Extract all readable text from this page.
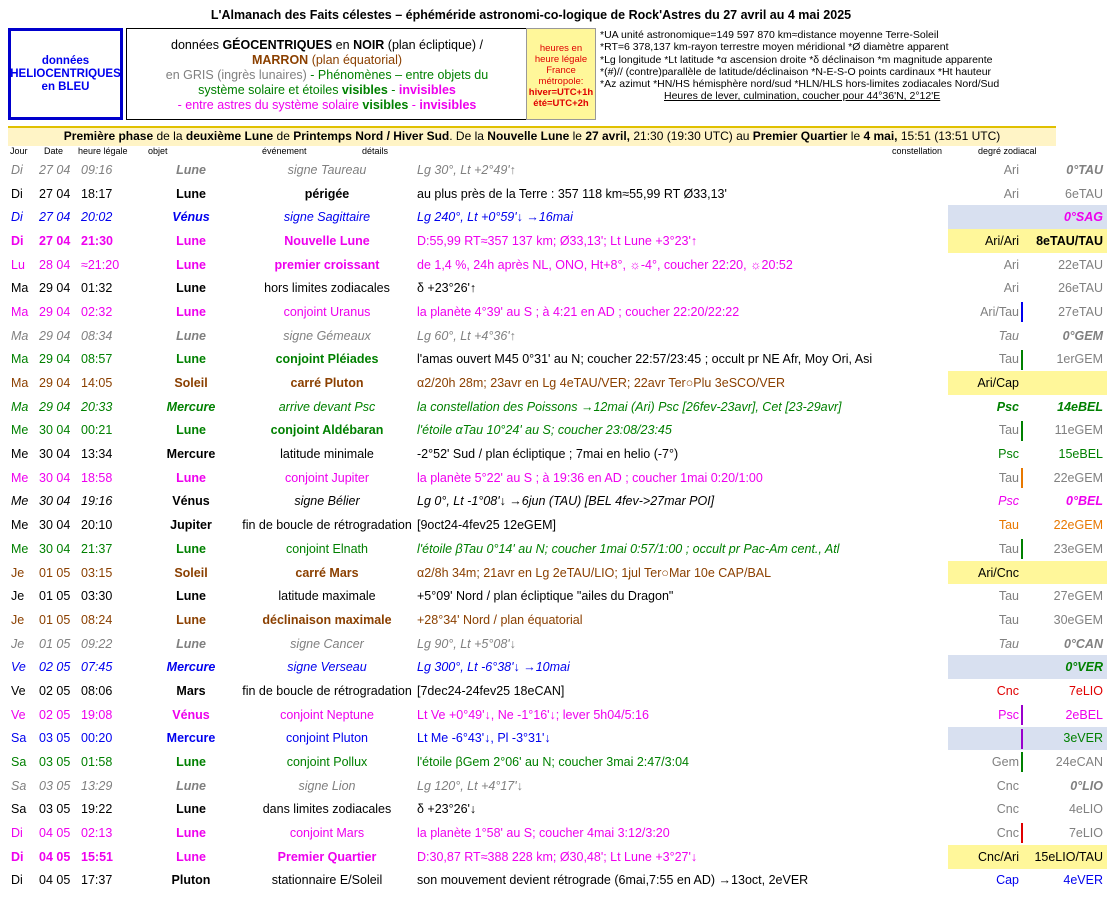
L'Almanach des Faits célestes – éphéméride astronomi-co-logique de Rock'Astres du 27 avril au 4 mai 2025
données
HELIOCENTRIQUES
en BLEU
données GÉOCENTRIQUES en NOIR (plan écliptique) /
MARRON (plan équatorial)
en GRIS (ingrès lunaires) - Phénomènes – entre objets du
système solaire et étoiles visibles - invisibles
- entre astres du système solaire visibles - invisibles
heures en
heure légale
France
métropole:
hiver=UTC+1h
été=UTC+2h
*UA unité astronomique=149 597 870 km≈distance moyenne Terre-Soleil
*RT=6 378,137 km-rayon terrestre moyen méridional *Ø diamètre apparent
*Lg longitude *Lt latitude *α ascension droite *δ déclinaison *m magnitude apparente
*(#)// (contre)parallèle de latitude/déclinaison *N-E-S-O points cardinaux *Ht hauteur
*Az azimut *HN/HS hémisphère nord/sud *HLN/HLS hors-limites zodiacales Nord/Sud
Heures de lever, culmination, coucher pour 44°36'N, 2°12'E
Première phase de la deuxième Lune de Printemps Nord / Hiver Sud. De la Nouvelle Lune le 27 avril, 21:30 (19:30 UTC) au Premier Quartier le 4 mai, 15:51 (13:51 UTC)
Jour Date heure légale objet	événement	détails	constellation	degré zodiacal
Di	27 04	09:16	Lune	signe Taureau	Lg 30°, Lt +2°49'↑	Ari	0°TAU
Di	27 04	18:17	Lune	périgée	au plus près de la Terre : 357 118 km≈55,99 RT Ø33,13'	Ari	6eTAU
Di	27 04	20:02	Vénus	signe Sagittaire	Lg 240°, Lt +0°59'↓ →16mai		0°SAG
Di	27 04	21:30	Lune	Nouvelle Lune	D:55,99 RT≈357 137 km; Ø33,13'; Lt Lune +3°23'↑	Ari/Ari	8eTAU/TAU
Lu	28 04	≈21:20	Lune	premier croissant	de 1,4 %, 24h après NL, ONO, Ht+8°, ☼-4°, coucher 22:20, ☼20:52	Ari	22eTAU
Ma	29 04	01:32	Lune	hors limites zodiacales	δ +23°26'↑	Ari	26eTAU
Ma	29 04	02:32	Lune	conjoint Uranus	la planète 4°39' au S ; à 4:21 en AD ; coucher 22:20/22:22	Ari/Tau	27eTAU
Ma	29 04	08:34	Lune	signe Gémeaux	Lg 60°, Lt +4°36'↑	Tau	0°GEM
Ma	29 04	08:57	Lune	conjoint Pléiades	l'amas ouvert M45 0°31' au N; coucher 22:57/23:45 ; occult pr NE Afr, Moy Ori, Asi	Tau	1erGEM
Ma	29 04	14:05	Soleil	carré Pluton	α2/20h 28m; 23avr en Lg 4eTAU/VER; 22avr Ter○Plu 3eSCO/VER	Ari/Cap	
Ma	29 04	20:33	Mercure	arrive devant Psc	la constellation des Poissons →12mai (Ari) Psc [26fev-23avr], Cet [23-29avr]	Psc	14eBEL
Me	30 04	00:21	Lune	conjoint Aldébaran	l'étoile αTau 10°24' au S; coucher 23:08/23:45	Tau	11eGEM
Me	30 04	13:34	Mercure	latitude minimale	-2°52' Sud / plan écliptique ; 7mai en helio (-7°)	Psc	15eBEL
Me	30 04	18:58	Lune	conjoint Jupiter	la planète 5°22' au S ; à 19:36 en AD ; coucher 1mai 0:20/1:00	Tau	22eGEM
Me	30 04	19:16	Vénus	signe Bélier	Lg 0°, Lt -1°08'↓ →6jun (TAU) [BEL 4fev->27mar POI]	Psc	0°BEL
Me	30 04	20:10	Jupiter	fin de boucle de rétrogradation	[9oct24-4fev25 12eGEM]	Tau	22eGEM
Me	30 04	21:37	Lune	conjoint Elnath	l'étoile βTau 0°14' au N; coucher 1mai 0:57/1:00 ; occult pr Pac-Am cent., Atl	Tau	23eGEM
Je	01 05	03:15	Soleil	carré Mars	α2/8h 34m; 21avr en Lg 2eTAU/LIO; 1jul Ter○Mar 10e CAP/BAL	Ari/Cnc	
Je	01 05	03:30	Lune	latitude maximale	+5°09' Nord / plan écliptique "ailes du Dragon"	Tau	27eGEM
Je	01 05	08:24	Lune	déclinaison maximale	+28°34' Nord / plan équatorial	Tau	30eGEM
Je	01 05	09:22	Lune	signe Cancer	Lg 90°, Lt +5°08'↓	Tau	0°CAN
Ve	02 05	07:45	Mercure	signe Verseau	Lg 300°, Lt -6°38'↓ →10mai		0°VER
Ve	02 05	08:06	Mars	fin de boucle de rétrogradation	[7dec24-24fev25 18eCAN]	Cnc	7eLIO
Ve	02 05	19:08	Vénus	conjoint Neptune	Lt Ve +0°49'↓, Ne -1°16'↓; lever 5h04/5:16	Psc	2eBEL
Sa	03 05	00:20	Mercure	conjoint Pluton	Lt Me -6°43'↓, Pl -3°31'↓		3eVER
Sa	03 05	01:58	Lune	conjoint Pollux	l'étoile βGem 2°06' au N; coucher 3mai 2:47/3:04	Gem	24eCAN
Sa	03 05	13:29	Lune	signe Lion	Lg 120°, Lt +4°17'↓	Cnc	0°LIO
Sa	03 05	19:22	Lune	dans limites zodiacales	δ +23°26'↓	Cnc	4eLIO
Di	04 05	02:13	Lune	conjoint Mars	la planète 1°58' au S; coucher 4mai 3:12/3:20	Cnc	7eLIO
Di	04 05	15:51	Lune	Premier Quartier	D:30,87 RT≈388 228 km; Ø30,48'; Lt Lune +3°27'↓	Cnc/Ari	15eLIO/TAU
Di	04 05	17:37	Pluton	stationnaire E/Soleil	son mouvement devient rétrograde (6mai,7:55 en AD) →13oct, 2eVER	Cap	4eVER
